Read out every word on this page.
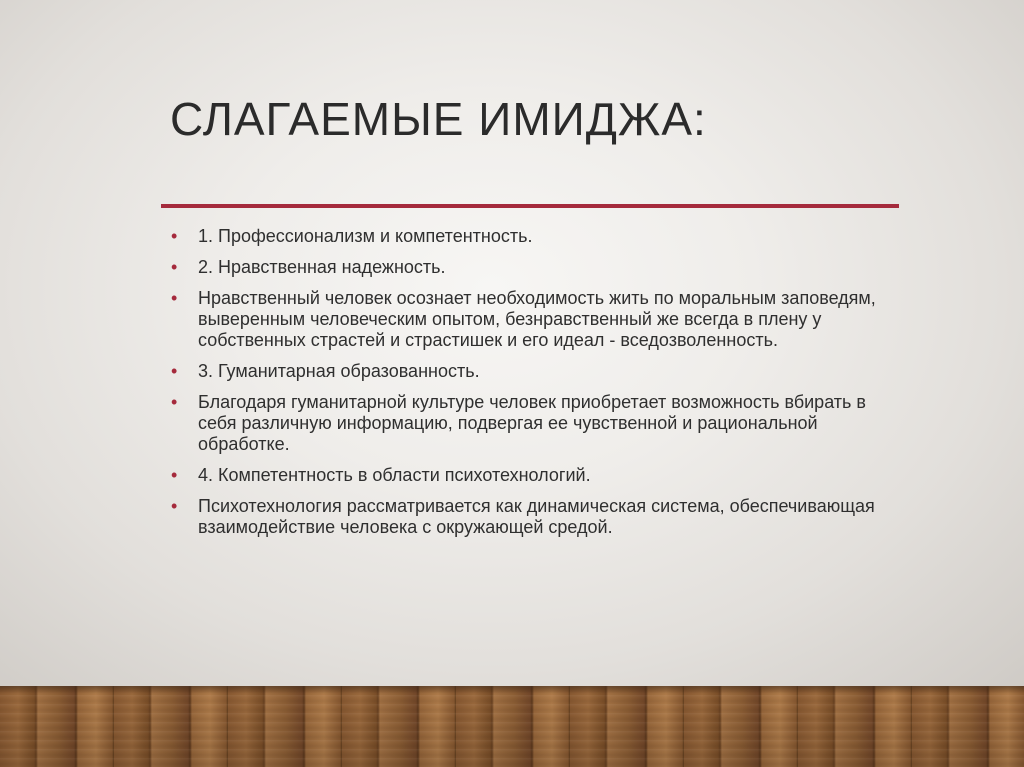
СЛАГАЕМЫЕ ИМИДЖА:
• 1. Профессионализм и компетентность.
• 2. Нравственная надежность.
• Нравственный человек осознает необходимость жить по моральным заповедям, выверенным человеческим опытом, безнравственный же всегда в плену у собственных страстей и страстишек и его идеал - вседозволенность.
• 3. Гуманитарная образованность.
• Благодаря гуманитарной культуре человек приобретает возможность вбирать в себя различную информацию, подвергая ее чувственной и рациональной обработке.
• 4. Компетентность в области психотехнологий.
• Психотехнология рассматривается как динамическая система, обеспечивающая взаимодействие человека с окружающей средой.
